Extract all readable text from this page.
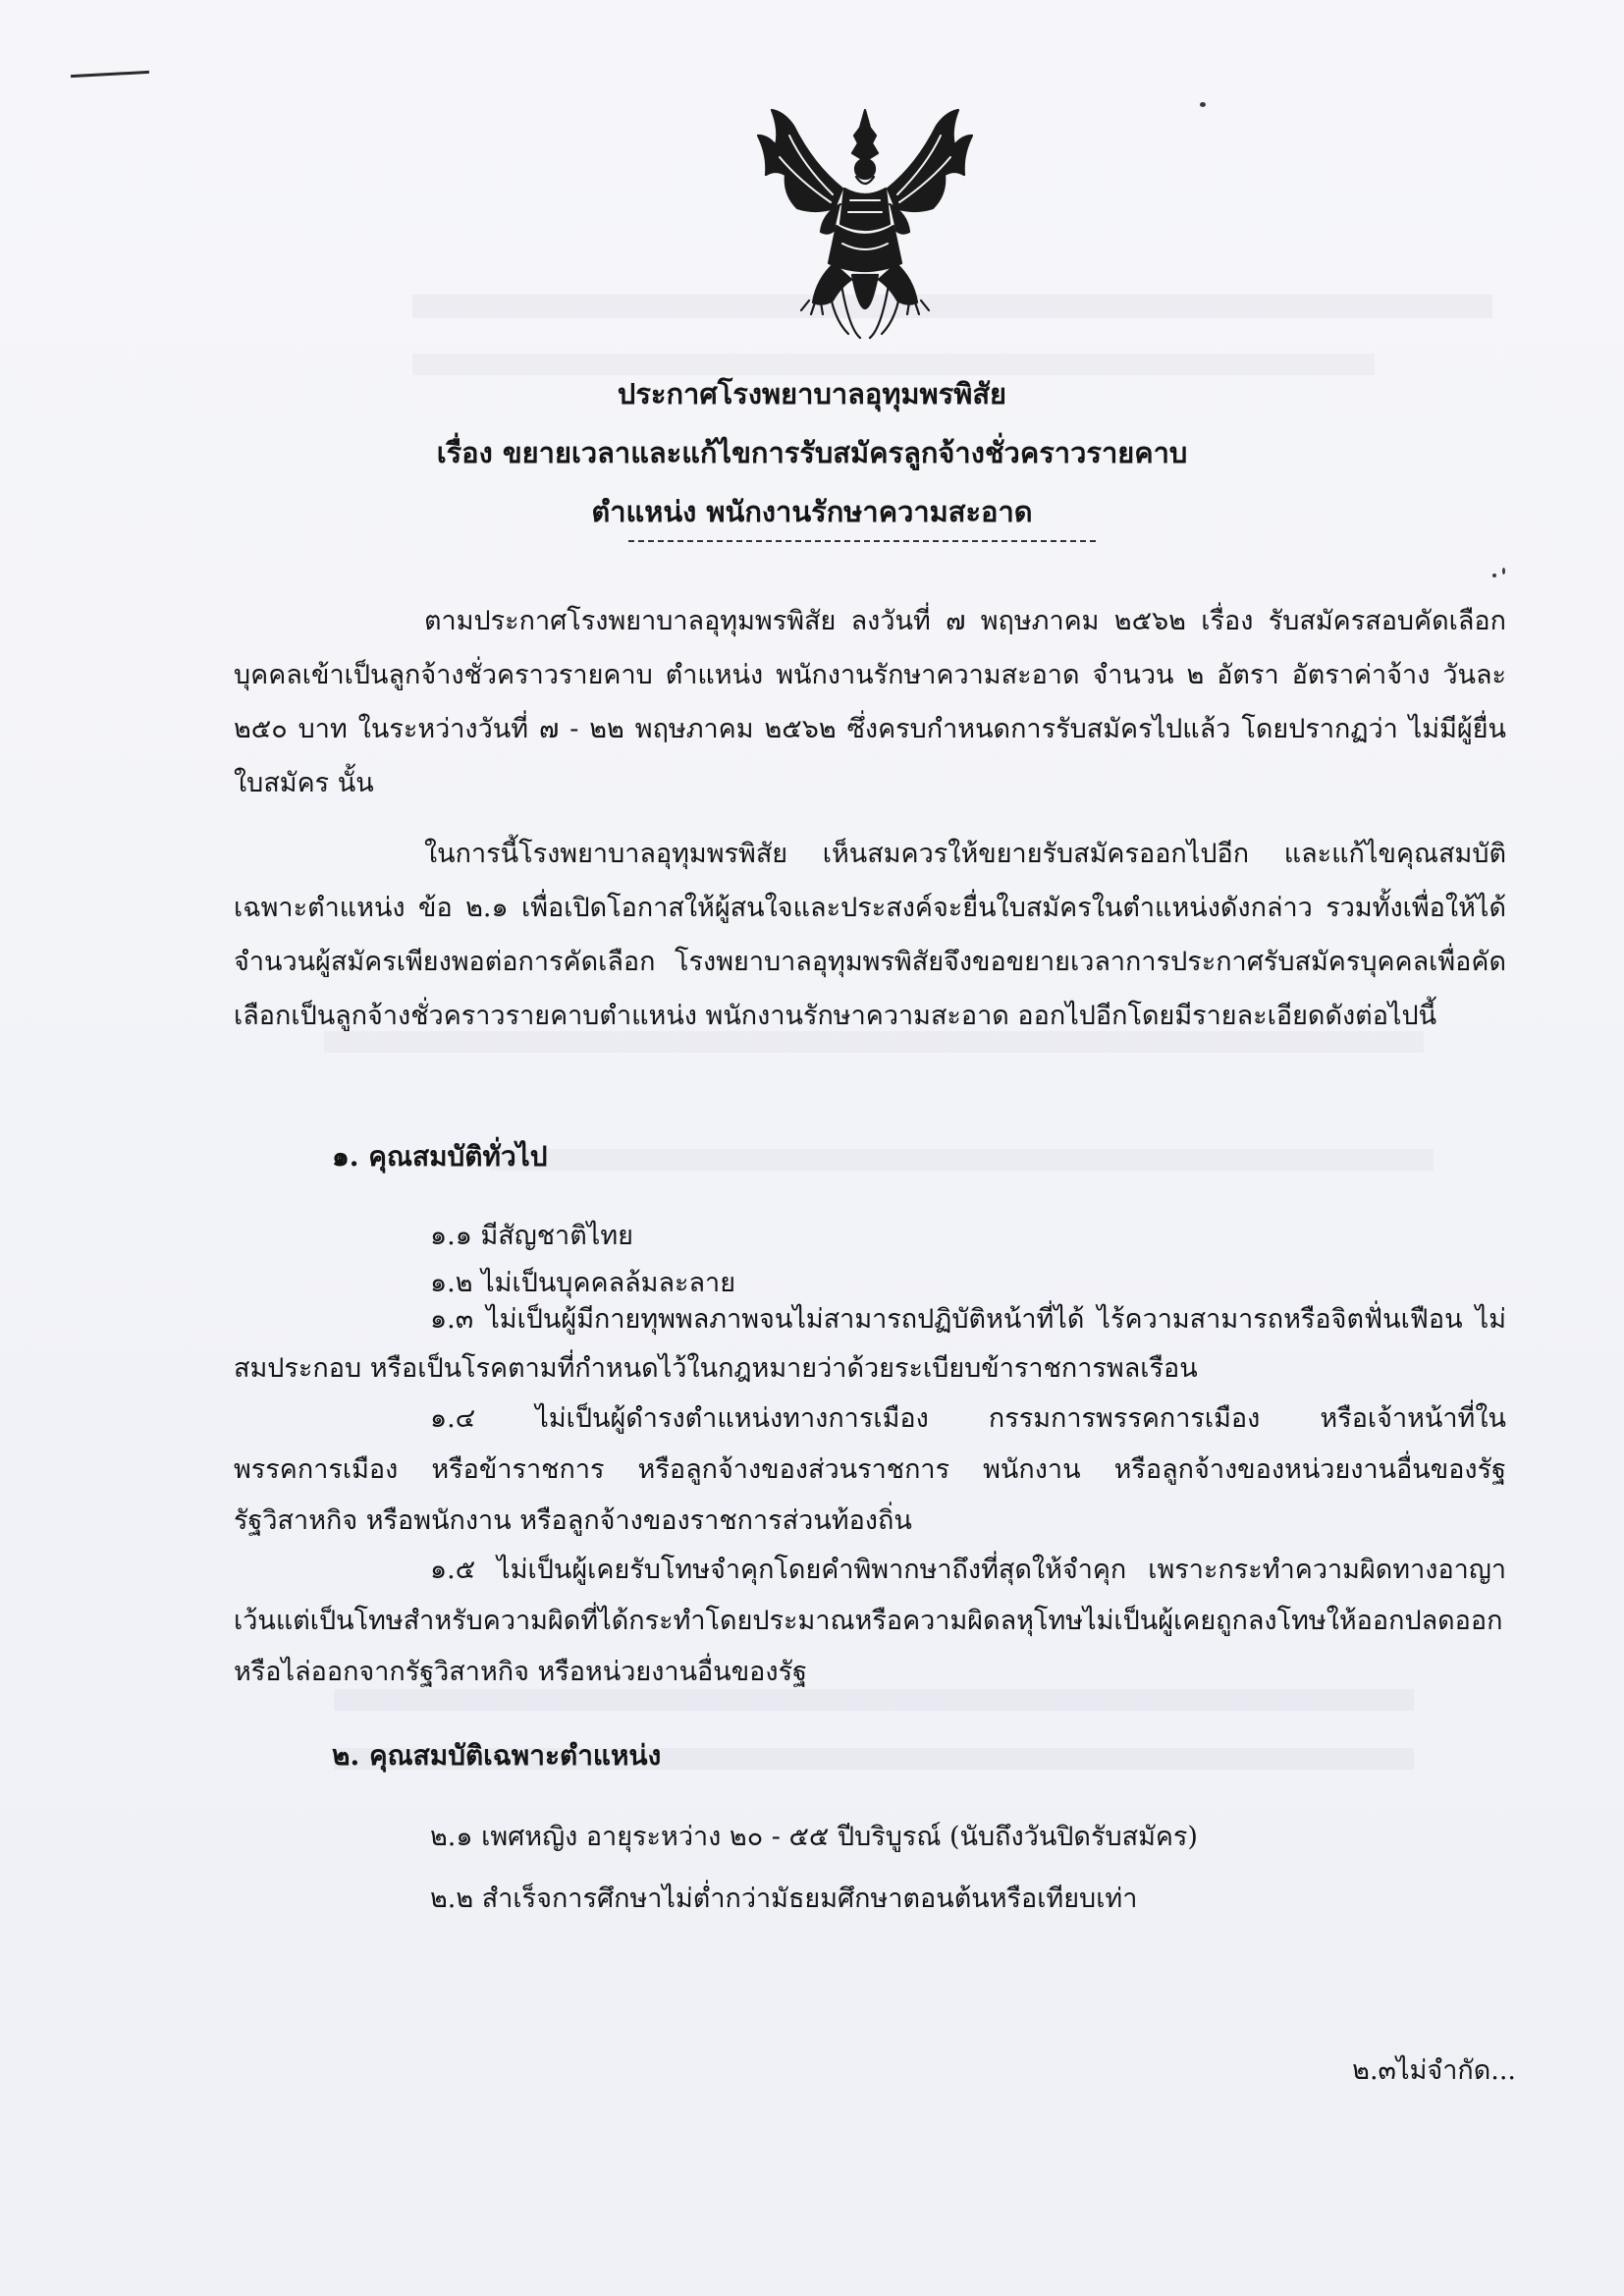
ประกาศโรงพยาบาลอุทุมพรพิสัย
เรื่อง ขยายเวลาและแก้ไขการรับสมัครลูกจ้างชั่วคราวรายคาบ
ตำแหน่ง พนักงานรักษาความสะอาด
ตามประกาศโรงพยาบาลอุทุมพรพิสัย ลงวันที่ ๗ พฤษภาคม ๒๕๖๒ เรื่อง รับสมัครสอบคัดเลือกบุคคลเข้าเป็นลูกจ้างชั่วคราวรายคาบ ตำแหน่ง พนักงานรักษาความสะอาด จำนวน ๒ อัตรา อัตราค่าจ้าง วันละ ๒๕๐ บาท ในระหว่างวันที่ ๗ - ๒๒ พฤษภาคม ๒๕๖๒ ซึ่งครบกำหนดการรับสมัครไปแล้ว โดยปรากฏว่า ไม่มีผู้ยื่นใบสมัคร นั้น
ในการนี้โรงพยาบาลอุทุมพรพิสัย เห็นสมควรให้ขยายรับสมัครออกไปอีก และแก้ไขคุณสมบัติเฉพาะตำแหน่ง ข้อ ๒.๑ เพื่อเปิดโอกาสให้ผู้สนใจและประสงค์จะยื่นใบสมัครในตำแหน่งดังกล่าว รวมทั้งเพื่อให้ได้จำนวนผู้สมัครเพียงพอต่อการคัดเลือก โรงพยาบาลอุทุมพรพิสัยจึงขอขยายเวลาการประกาศรับสมัครบุคคลเพื่อคัดเลือกเป็นลูกจ้างชั่วคราวรายคาบตำแหน่ง พนักงานรักษาความสะอาด ออกไปอีกโดยมีรายละเอียดดังต่อไปนี้
๑. คุณสมบัติทั่วไป
๑.๑ มีสัญชาติไทย
๑.๒ ไม่เป็นบุคคลล้มละลาย
๑.๓ ไม่เป็นผู้มีกายทุพพลภาพจนไม่สามารถปฏิบัติหน้าที่ได้ ไร้ความสามารถหรือจิตฟั่นเฟือน ไม่สมประกอบ หรือเป็นโรคตามที่กำหนดไว้ในกฎหมายว่าด้วยระเบียบข้าราชการพลเรือน
๑.๔ ไม่เป็นผู้ดำรงตำแหน่งทางการเมือง กรรมการพรรคการเมือง หรือเจ้าหน้าที่ในพรรคการเมือง หรือข้าราชการ หรือลูกจ้างของส่วนราชการ พนักงาน หรือลูกจ้างของหน่วยงานอื่นของรัฐ รัฐวิสาหกิจ หรือพนักงาน หรือลูกจ้างของราชการส่วนท้องถิ่น
๑.๕ ไม่เป็นผู้เคยรับโทษจำคุกโดยคำพิพากษาถึงที่สุดให้จำคุก เพราะกระทำความผิดทางอาญา เว้นแต่เป็นโทษสำหรับความผิดที่ได้กระทำโดยประมาณหรือความผิดลหุโทษไม่เป็นผู้เคยถูกลงโทษให้ออกปลดออก หรือไล่ออกจากรัฐวิสาหกิจ หรือหน่วยงานอื่นของรัฐ
๒. คุณสมบัติเฉพาะตำแหน่ง
๒.๑ เพศหญิง อายุระหว่าง ๒๐ - ๕๕ ปีบริบูรณ์ (นับถึงวันปิดรับสมัคร)
๒.๒ สำเร็จการศึกษาไม่ต่ำกว่ามัธยมศึกษาตอนต้นหรือเทียบเท่า
๒.๓ไม่จำกัด...
